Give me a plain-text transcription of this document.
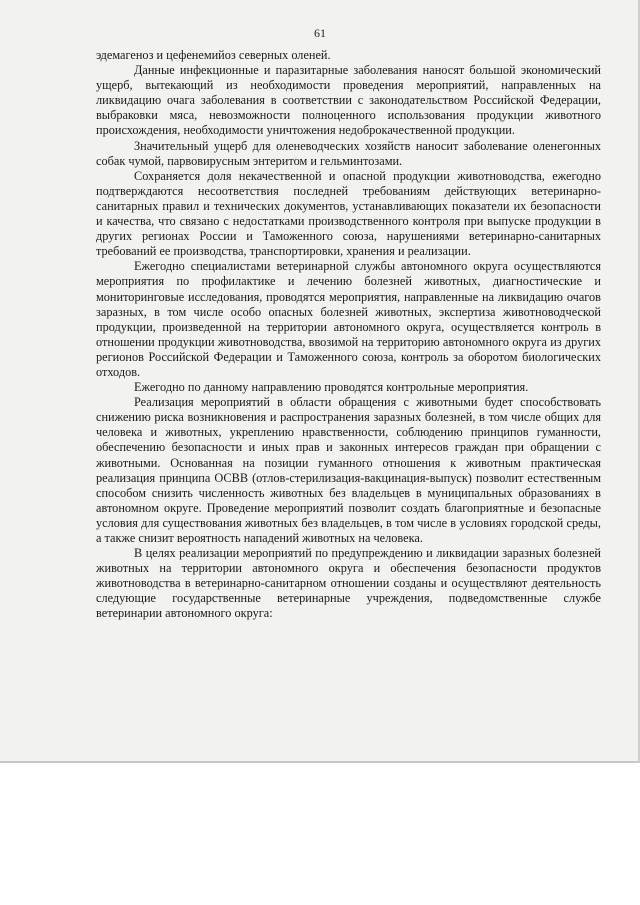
61

эдемагеноз и цефенемийоз северных оленей.

Данные инфекционные и паразитарные заболевания наносят большой экономический ущерб, вытекающий из необходимости проведения мероприятий, направленных на ликвидацию очага заболевания в соответствии с законодательством Российской Федерации, выбраковки мяса, невозможности полноценного использования продукции животного происхождения, необходимости уничтожения недоброкачественной продукции.

Значительный ущерб для оленеводческих хозяйств наносит заболевание оленегонных собак чумой, парвовирусным энтеритом и гельминтозами.

Сохраняется доля некачественной и опасной продукции животноводства, ежегодно подтверждаются несоответствия последней требованиям действующих ветеринарно-санитарных правил и технических документов, устанавливающих показатели их безопасности и качества, что связано с недостатками производственного контроля при выпуске продукции в других регионах России и Таможенного союза, нарушениями ветеринарно-санитарных требований ее производства, транспортировки, хранения и реализации.

Ежегодно специалистами ветеринарной службы автономного округа осуществляются мероприятия по профилактике и лечению болезней животных, диагностические и мониторинговые исследования, проводятся мероприятия, направленные на ликвидацию очагов заразных, в том числе особо опасных болезней животных, экспертиза животноводческой продукции, произведенной на территории автономного округа, осуществляется контроль в отношении продукции животноводства, ввозимой на территорию автономного округа из других регионов Российской Федерации и Таможенного союза, контроль за оборотом биологических отходов.

Ежегодно по данному направлению проводятся контрольные мероприятия.

Реализация мероприятий в области обращения с животными будет способствовать снижению риска возникновения и распространения заразных болезней, в том числе общих для человека и животных, укреплению нравственности, соблюдению принципов гуманности, обеспечению безопасности и иных прав и законных интересов граждан при обращении с животными. Основанная на позиции гуманного отношения к животным практическая реализация принципа ОСВВ (отлов-стерилизация-вакцинация-выпуск) позволит естественным способом снизить численность животных без владельцев в муниципальных образованиях в автономном округе. Проведение мероприятий позволит создать благоприятные и безопасные условия для существования животных без владельцев, в том числе в условиях городской среды, а также снизит вероятность нападений животных на человека.

В целях реализации мероприятий по предупреждению и ликвидации заразных болезней животных на территории автономного округа и обеспечения безопасности продуктов животноводства в ветеринарно-санитарном отношении созданы и осуществляют деятельность следующие государственные ветеринарные учреждения, подведомственные службе ветеринарии автономного округа:
